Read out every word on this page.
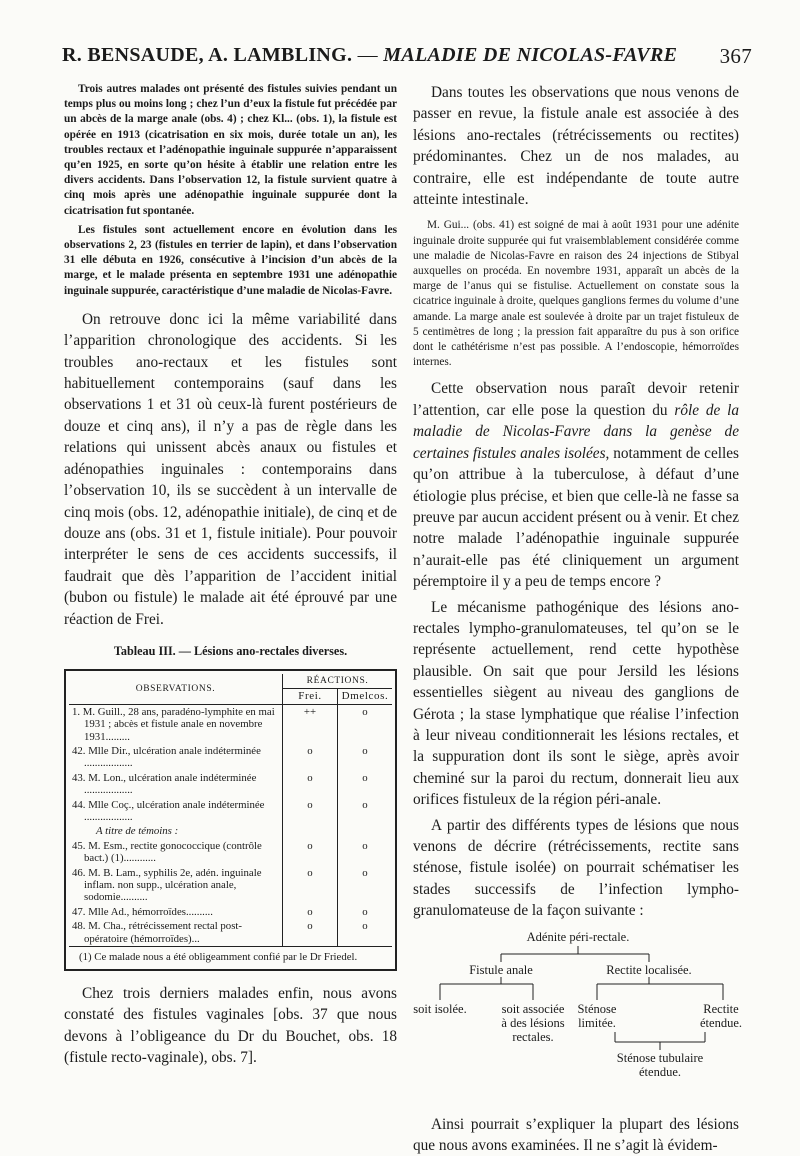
R. BENSAUDE, A. LAMBLING. — MALADIE DE NICOLAS-FAVRE 367

Trois autres malades ont présenté des fistules suivies pendant un temps plus ou moins long ; chez l’un d’eux la fistule fut précédée par un abcès de la marge anale (obs. 4) ; chez Kl... (obs. 1), la fistule est opérée en 1913 (cicatrisation en six mois, durée totale un an), les troubles rectaux et l’adénopathie inguinale suppurée n’apparaissent qu’en 1925, en sorte qu’on hésite à établir une relation entre les divers accidents. Dans l’observation 12, la fistule survient quatre à cinq mois après une adénopathie inguinale suppurée dont la cicatrisation fut spontanée.

Les fistules sont actuellement encore en évolution dans les observations 2, 23 (fistules en terrier de lapin), et dans l’observation 31 elle débuta en 1926, consécutive à l’incision d’un abcès de la marge, et le malade présenta en septembre 1931 une adénopathie inguinale suppurée, caractéristique d’une maladie de Nicolas-Favre.

On retrouve donc ici la même variabilité dans l’apparition chronologique des accidents. Si les troubles ano-rectaux et les fistules sont habituellement contemporains (sauf dans les observations 1 et 31 où ceux-là furent postérieurs de douze et cinq ans), il n’y a pas de règle dans les relations qui unissent abcès anaux ou fistules et adénopathies inguinales : contemporains dans l’observation 10, ils se succèdent à un intervalle de cinq mois (obs. 12, adénopathie initiale), de cinq et de douze ans (obs. 31 et 1, fistule initiale). Pour pouvoir interpréter le sens de ces accidents successifs, il faudrait que dès l’apparition de l’accident initial (bubon ou fistule) le malade ait été éprouvé par une réaction de Frei.

Tableau III. — Lésions ano-rectales diverses.
OBSERVATIONS.	RÉACTIONS.	
	Frei.	Dmelcos.

1. M. Guill., 28 ans, paradéno-lymphite en mai 1931 ; abcès et fistule anale en novembre 1931.........	++	o

42. Mlle Dir., ulcération anale indéterminée ..................	o	o

43. M. Lon., ulcération anale indéterminée ..................	o	o

44. Mlle Coç., ulcération anale indéterminée ..................	o	o

A titre de témoins :		

45. M. Esm., rectite gonococcique (contrôle bact.) (1)............	o	o

46. M. B. Lam., syphilis 2e, adén. inguinale inflam. non supp., ulcération anale, sodomie..........	o	o

47. Mlle Ad., hémorroïdes..........	o	o

48. M. Cha., rétrécissement rectal post-opératoire (hémorroïdes)...	o	o
(1) Ce malade nous a été obligeamment confié par le Dr Friedel.

Chez trois derniers malades enfin, nous avons constaté des fistules vaginales [obs. 37 que nous devons à l’obligeance du Dr du Bouchet, obs. 18 (fistule recto-vaginale), obs. 7].

Dans toutes les observations que nous venons de passer en revue, la fistule anale est associée à des lésions ano-rectales (rétrécissements ou rectites) prédominantes. Chez un de nos malades, au contraire, elle est indépendante de toute autre atteinte intestinale.

M. Gui... (obs. 41) est soigné de mai à août 1931 pour une adénite inguinale droite suppurée qui fut vraisemblablement considérée comme une maladie de Nicolas-Favre en raison des 24 injections de Stibyal auxquelles on procéda. En novembre 1931, apparaît un abcès de la marge de l’anus qui se fistulise. Actuellement on constate sous la cicatrice inguinale à droite, quelques ganglions fermes du volume d’une amande. La marge anale est soulevée à droite par un trajet fistuleux de 5 centimètres de long ; la pression fait apparaître du pus à son orifice dont le cathétérisme n’est pas possible. A l’endoscopie, hémorroïdes internes.

Cette observation nous paraît devoir retenir l’attention, car elle pose la question du rôle de la maladie de Nicolas-Favre dans la genèse de certaines fistules anales isolées, notamment de celles qu’on attribue à la tuberculose, à défaut d’une étiologie plus précise, et bien que celle-là ne fasse sa preuve par aucun accident présent ou à venir. Et chez notre malade l’adénopathie inguinale suppurée n’aurait-elle pas été cliniquement un argument péremptoire il y a peu de temps encore ?

Le mécanisme pathogénique des lésions ano-rectales lympho-granulomateuses, tel qu’on se le représente actuellement, rend cette hypothèse plausible. On sait que pour Jersild les lésions essentielles siègent au niveau des ganglions de Gérota ; la stase lymphatique que réalise l’infection à leur niveau conditionnerait les lésions rectales, et la suppuration dont ils sont le siège, après avoir cheminé sur la paroi du rectum, donnerait lieu aux orifices fistuleux de la région péri-anale.

A partir des différents types de lésions que nous venons de décrire (rétrécissements, rectite sans sténose, fistule isolée) on pourrait schématiser les stades successifs de l’infection lympho-granulomateuse de la façon suivante :

Adénite péri-rectale.
Fistule anale	Rectite localisée.
soit isolée.	soit associée
à des lésions
rectales.
Sténose
limitée.
Rectite
étendue.
Sténose tubulaire
étendue.

Ainsi pourrait s’expliquer la plupart des lésions que nous avons examinées. Il ne s’agit là évidem-
